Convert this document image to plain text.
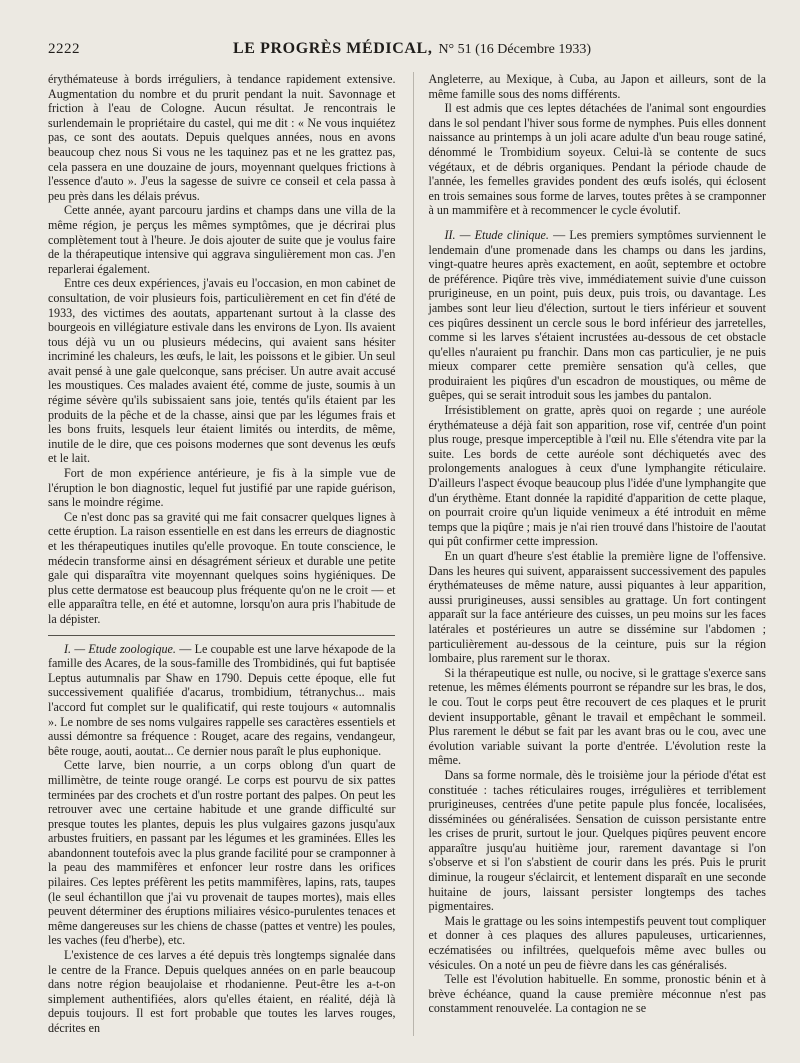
2222	LE PROGRÈS MÉDICAL, N° 51 (16 Décembre 1933)

érythémateuse à bords irréguliers, à tendance rapidement extensive. Augmentation du nombre et du prurit pendant la nuit. Savonnage et friction à l'eau de Cologne. Aucun résultat. Je rencontrais le surlendemain le propriétaire du castel, qui me dit : « Ne vous inquiétez pas, ce sont des aoutats. Depuis quelques années, nous en avons beaucoup chez nous Si vous ne les taquinez pas et ne les grattez pas, cela passera en une douzaine de jours, moyennant quelques frictions à l'essence d'auto ». J'eus la sagesse de suivre ce conseil et cela passa à peu près dans les délais prévus.

Cette année, ayant parcouru jardins et champs dans une villa de la même région, je perçus les mêmes symptômes, que je décrirai plus complètement tout à l'heure. Je dois ajouter de suite que je voulus faire de la thérapeutique intensive qui aggrava singulièrement mon cas. J'en reparlerai également.

Entre ces deux expériences, j'avais eu l'occasion, en mon cabinet de consultation, de voir plusieurs fois, particulièrement en cet fin d'été de 1933, des victimes des aoutats, appartenant surtout à la classe des bourgeois en villégiature estivale dans les environs de Lyon. Ils avaient tous déjà vu un ou plusieurs médecins, qui avaient sans hésiter incriminé les chaleurs, les œufs, le lait, les poissons et le gibier. Un seul avait pensé à une gale quelconque, sans préciser. Un autre avait accusé les moustiques. Ces malades avaient été, comme de juste, soumis à un régime sévère qu'ils subissaient sans joie, tentés qu'ils étaient par les produits de la pêche et de la chasse, ainsi que par les légumes frais et les bons fruits, lesquels leur étaient limités ou interdits, de même, inutile de le dire, que ces poisons modernes que sont devenus les œufs et le lait.

Fort de mon expérience antérieure, je fis à la simple vue de l'éruption le bon diagnostic, lequel fut justifié par une rapide guérison, sans le moindre régime.

Ce n'est donc pas sa gravité qui me fait consacrer quelques lignes à cette éruption. La raison essentielle en est dans les erreurs de diagnostic et les thérapeutiques inutiles qu'elle provoque. En toute conscience, le médecin transforme ainsi en désagrément sérieux et durable une petite gale qui disparaîtra vite moyennant quelques soins hygiéniques. De plus cette dermatose est beaucoup plus fréquente qu'on ne le croit — et elle apparaîtra telle, en été et automne, lorsqu'on aura pris l'habitude de la dépister.

I. — Etude zoologique. — Le coupable est une larve héxapode de la famille des Acares, de la sous-famille des Trombidinés, qui fut baptisée Leptus autumnalis par Shaw en 1790. Depuis cette époque, elle fut successivement qualifiée d'acarus, trombidium, tétranychus... mais l'accord fut complet sur le qualificatif, qui reste toujours « automnalis ». Le nombre de ses noms vulgaires rappelle ses caractères essentiels et aussi démontre sa fréquence : Rouget, acare des regains, vendangeur, bête rouge, aouti, aoutat... Ce dernier nous paraît le plus euphonique.

Cette larve, bien nourrie, a un corps oblong d'un quart de millimètre, de teinte rouge orangé. Le corps est pourvu de six pattes terminées par des crochets et d'un rostre portant des palpes. On peut les retrouver avec une certaine habitude et une grande difficulté sur presque toutes les plantes, depuis les plus vulgaires gazons jusqu'aux arbustes fruitiers, en passant par les légumes et les graminées. Elles les abandonnent toutefois avec la plus grande facilité pour se cramponner à la peau des mammifères et enfoncer leur rostre dans les orifices pilaires. Ces leptes préfèrent les petits mammifères, lapins, rats, taupes (le seul échantillon que j'ai vu provenait de taupes mortes), mais elles peuvent déterminer des éruptions miliaires vésico-purulentes tenaces et même dangereuses sur les chiens de chasse (pattes et ventre) les poules, les vaches (feu d'herbe), etc.

L'existence de ces larves a été depuis très longtemps signalée dans le centre de la France. Depuis quelques années on en parle beaucoup dans notre région beaujolaise et rhodanienne. Peut-être les a-t-on simplement authentifiées, alors qu'elles étaient, en réalité, déjà là depuis toujours. Il est fort probable que toutes les larves rouges, décrites en

Angleterre, au Mexique, à Cuba, au Japon et ailleurs, sont de la même famille sous des noms différents.

Il est admis que ces leptes détachées de l'animal sont engourdies dans le sol pendant l'hiver sous forme de nymphes. Puis elles donnent naissance au printemps à un joli acare adulte d'un beau rouge satiné, dénommé le Trombidium soyeux. Celui-là se contente de sucs végétaux, et de débris organiques. Pendant la période chaude de l'année, les femelles gravides pondent des œufs isolés, qui éclosent en trois semaines sous forme de larves, toutes prêtes à se cramponner à un mammifère et à recommencer le cycle évolutif.

II. — Etude clinique. — Les premiers symptômes surviennent le lendemain d'une promenade dans les champs ou dans les jardins, vingt-quatre heures après exactement, en août, septembre et octobre de préférence. Piqûre très vive, immédiatement suivie d'une cuisson prurigineuse, en un point, puis deux, puis trois, ou davantage. Les jambes sont leur lieu d'élection, surtout le tiers inférieur et souvent ces piqûres dessinent un cercle sous le bord inférieur des jarretelles, comme si les larves s'étaient incrustées au-dessous de cet obstacle qu'elles n'auraient pu franchir. Dans mon cas particulier, je ne puis mieux comparer cette première sensation qu'à celles, que produiraient les piqûres d'un escadron de moustiques, ou même de guêpes, qui se serait introduit sous les jambes du pantalon.

Irrésistiblement on gratte, après quoi on regarde ; une auréole érythémateuse a déjà fait son apparition, rose vif, centrée d'un point plus rouge, presque imperceptible à l'œil nu. Elle s'étendra vite par la suite. Les bords de cette auréole sont déchiquetés avec des prolongements analogues à ceux d'une lymphangite réticulaire. D'ailleurs l'aspect évoque beaucoup plus l'idée d'une lymphangite que d'un érythème. Etant donnée la rapidité d'apparition de cette plaque, on pourrait croire qu'un liquide venimeux a été introduit en même temps que la piqûre ; mais je n'ai rien trouvé dans l'histoire de l'aoutat qui pût confirmer cette impression.

En un quart d'heure s'est établie la première ligne de l'offensive. Dans les heures qui suivent, apparaissent successivement des papules érythémateuses de même nature, aussi piquantes à leur apparition, aussi prurigineuses, aussi sensibles au grattage. Un fort contingent apparaît sur la face antérieure des cuisses, un peu moins sur les faces latérales et postérieures un autre se dissémine sur l'abdomen ; particulièrement au-dessous de la ceinture, puis sur la région lombaire, plus rarement sur le thorax.

Si la thérapeutique est nulle, ou nocive, si le grattage s'exerce sans retenue, les mêmes éléments pourront se répandre sur les bras, le dos, le cou. Tout le corps peut être recouvert de ces plaques et le prurit devient insupportable, gênant le travail et empêchant le sommeil. Plus rarement le début se fait par les avant bras ou le cou, avec une évolution variable suivant la porte d'entrée. L'évolution reste la même.

Dans sa forme normale, dès le troisième jour la période d'état est constituée : taches réticulaires rouges, irrégulières et terriblement prurigineuses, centrées d'une petite papule plus foncée, localisées, disséminées ou généralisées. Sensation de cuisson persistante entre les crises de prurit, surtout le jour. Quelques piqûres peuvent encore apparaître jusqu'au huitième jour, rarement davantage si l'on s'observe et si l'on s'abstient de courir dans les prés. Puis le prurit diminue, la rougeur s'éclaircit, et lentement disparaît en une seconde huitaine de jours, laissant persister longtemps des taches pigmentaires.

Mais le grattage ou les soins intempestifs peuvent tout compliquer et donner à ces plaques des allures papuleuses, urticariennes, eczématisées ou infiltrées, quelquefois même avec bulles ou vésicules. On a noté un peu de fièvre dans les cas généralisés.

Telle est l'évolution habituelle. En somme, pronostic bénin et à brève échéance, quand la cause première méconnue n'est pas constamment renouvelée. La contagion ne se
